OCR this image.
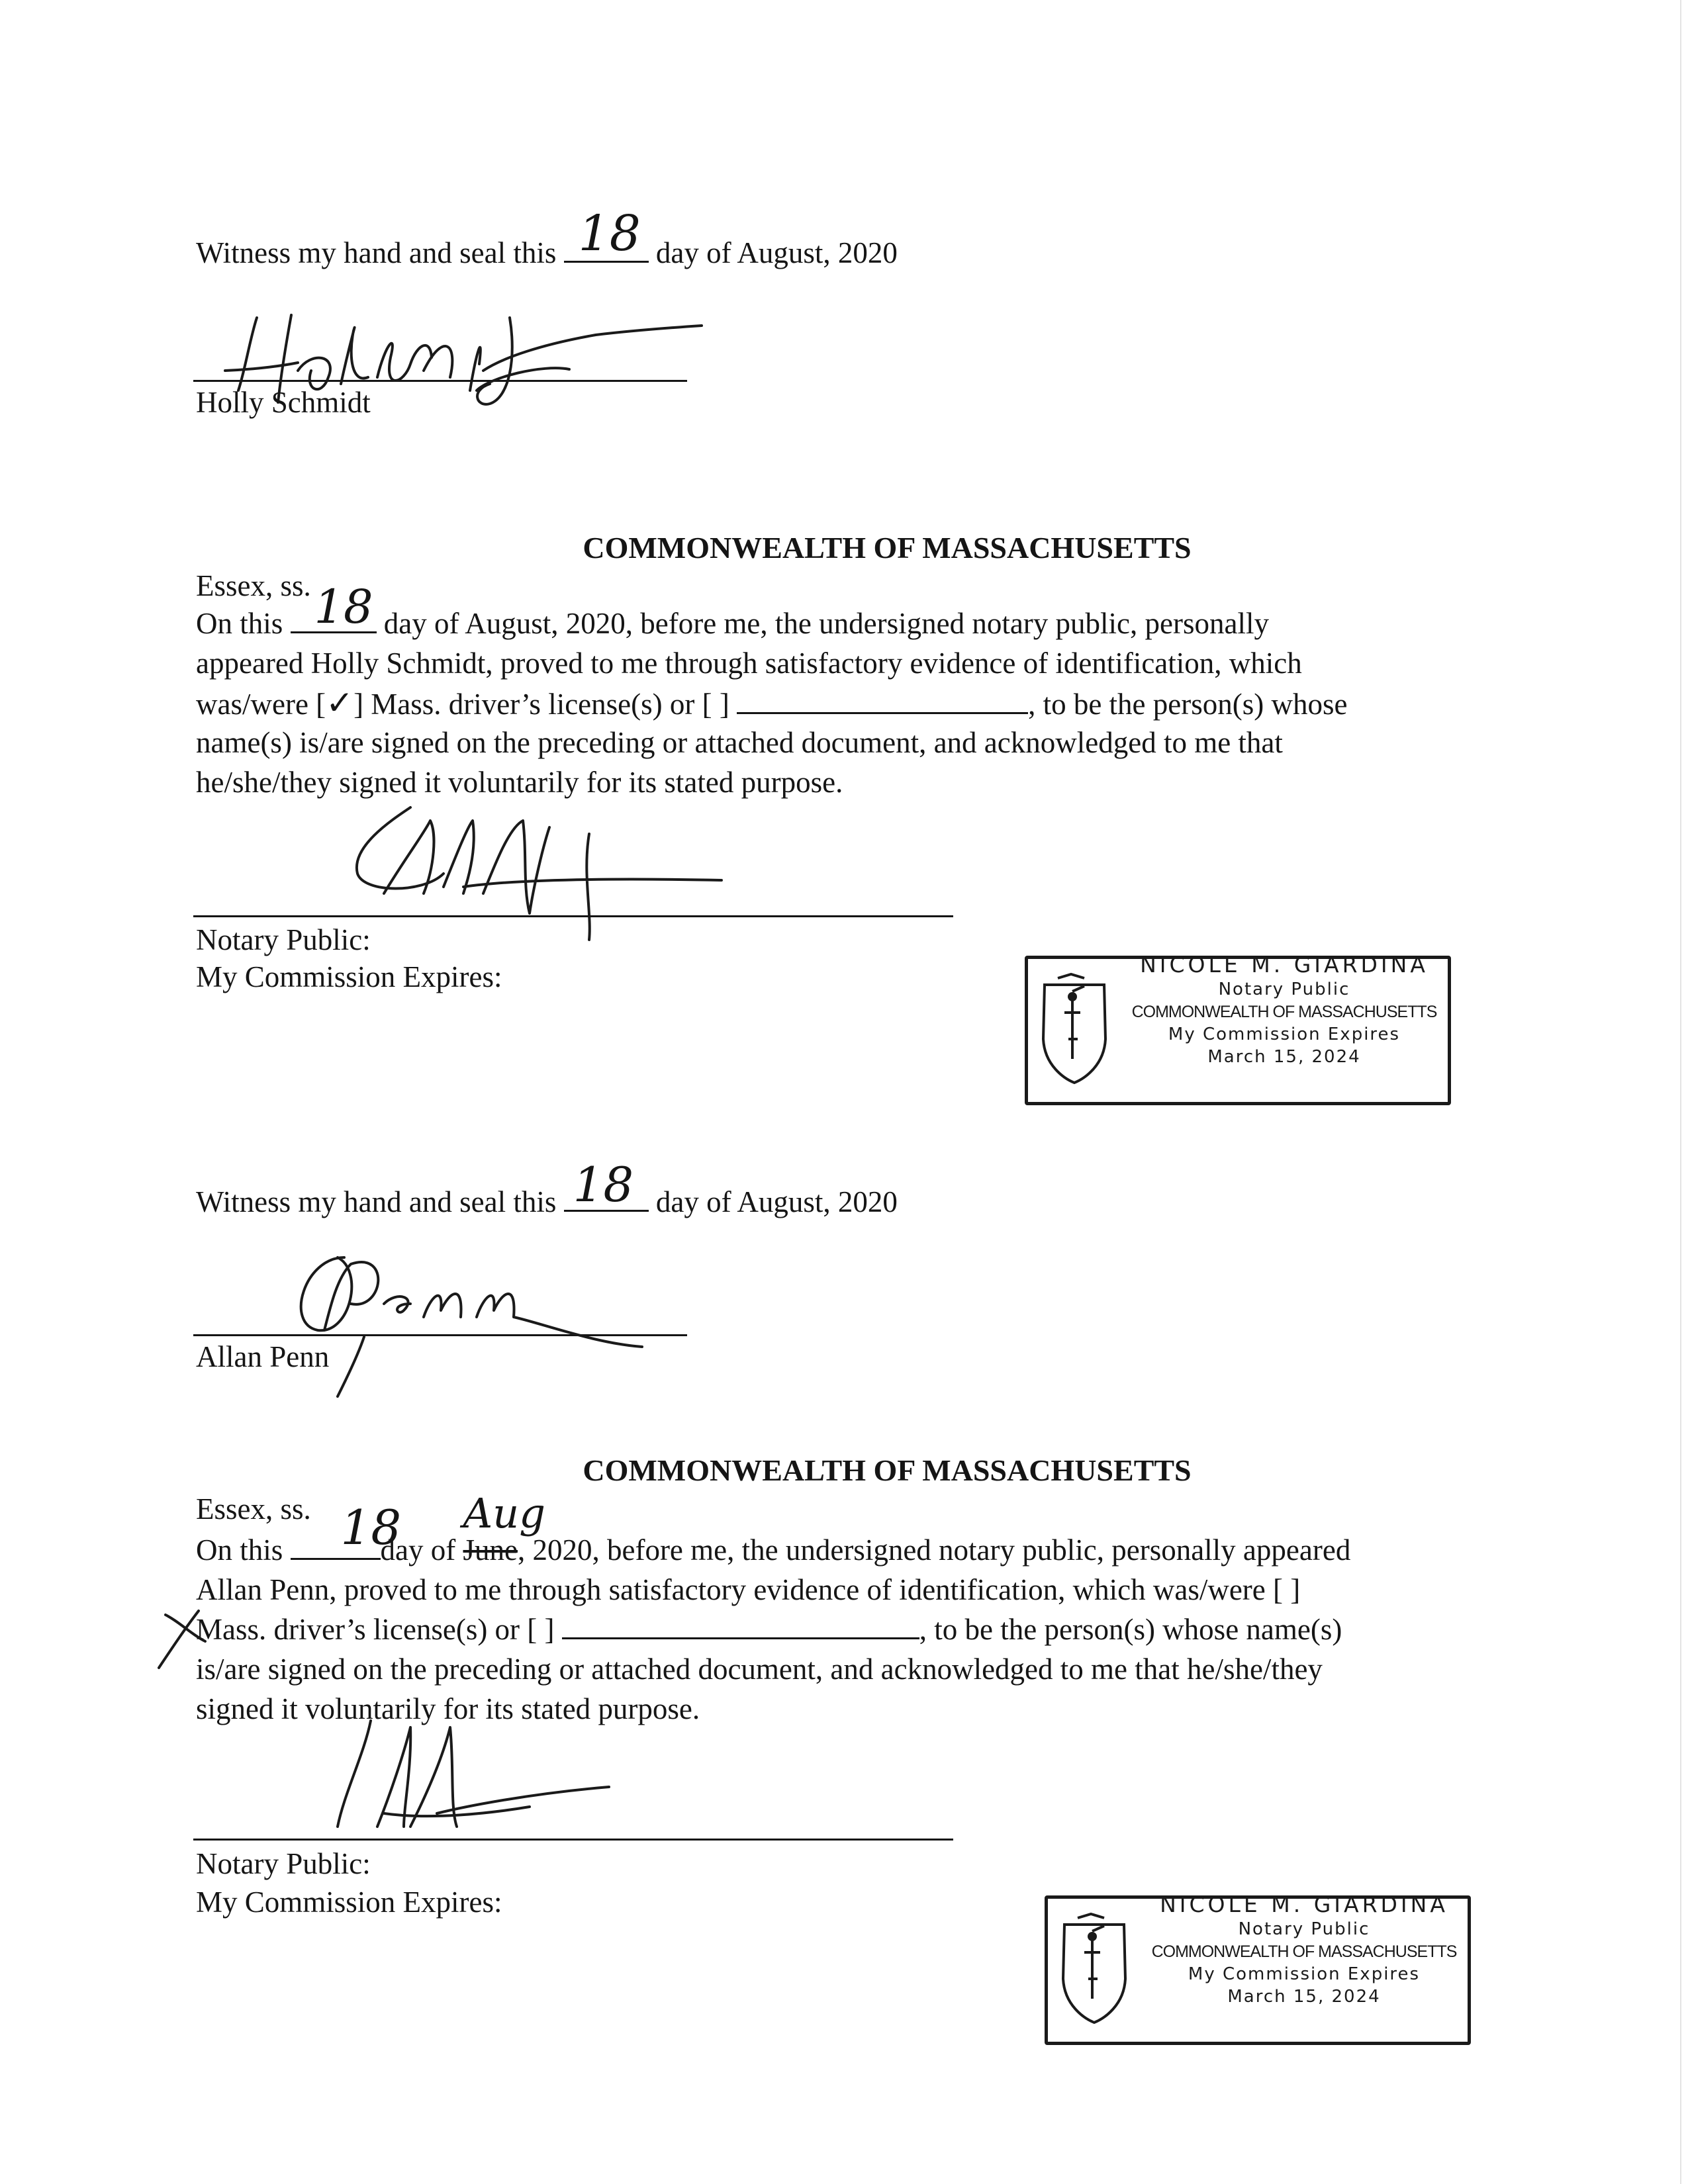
Witness my hand and seal this 18 day of August, 2020
Holly Schmidt
COMMONWEALTH OF MASSACHUSETTS
Essex, ss.
On this 18 day of August, 2020, before me, the undersigned notary public, personally
appeared Holly Schmidt, proved to me through satisfactory evidence of identification, which
was/were [✓] Mass. driver’s license(s) or [ ]	, to be the person(s) whose
name(s) is/are signed on the preceding or attached document, and acknowledged to me that
he/she/they signed it voluntarily for its stated purpose.
Notary Public:
My Commission Expires:	NICOLE M. GIARDINA
Notary Public
COMMONWEALTH OF MASSACHUSETTS
My Commission Expires
March 15, 2024
Witness my hand and seal this 18 day of August, 2020
Allan Penn
COMMONWEALTH OF MASSACHUSETTS
Essex, ss.
On this 18
day of June
Aug
, 2020, before me, the undersigned notary public, personally appeared
Allan Penn, proved to me through satisfactory evidence of identification, which was/were [ ]
Mass. driver’s license(s) or [ ]	, to be the person(s) whose name(s)
is/are signed on the preceding or attached document, and acknowledged to me that he/she/they
signed it voluntarily for its stated purpose.
Notary Public:
My Commission Expires:	NICOLE M. GIARDINA
Notary Public
COMMONWEALTH OF MASSACHUSETTS
My Commission Expires
March 15, 2024
